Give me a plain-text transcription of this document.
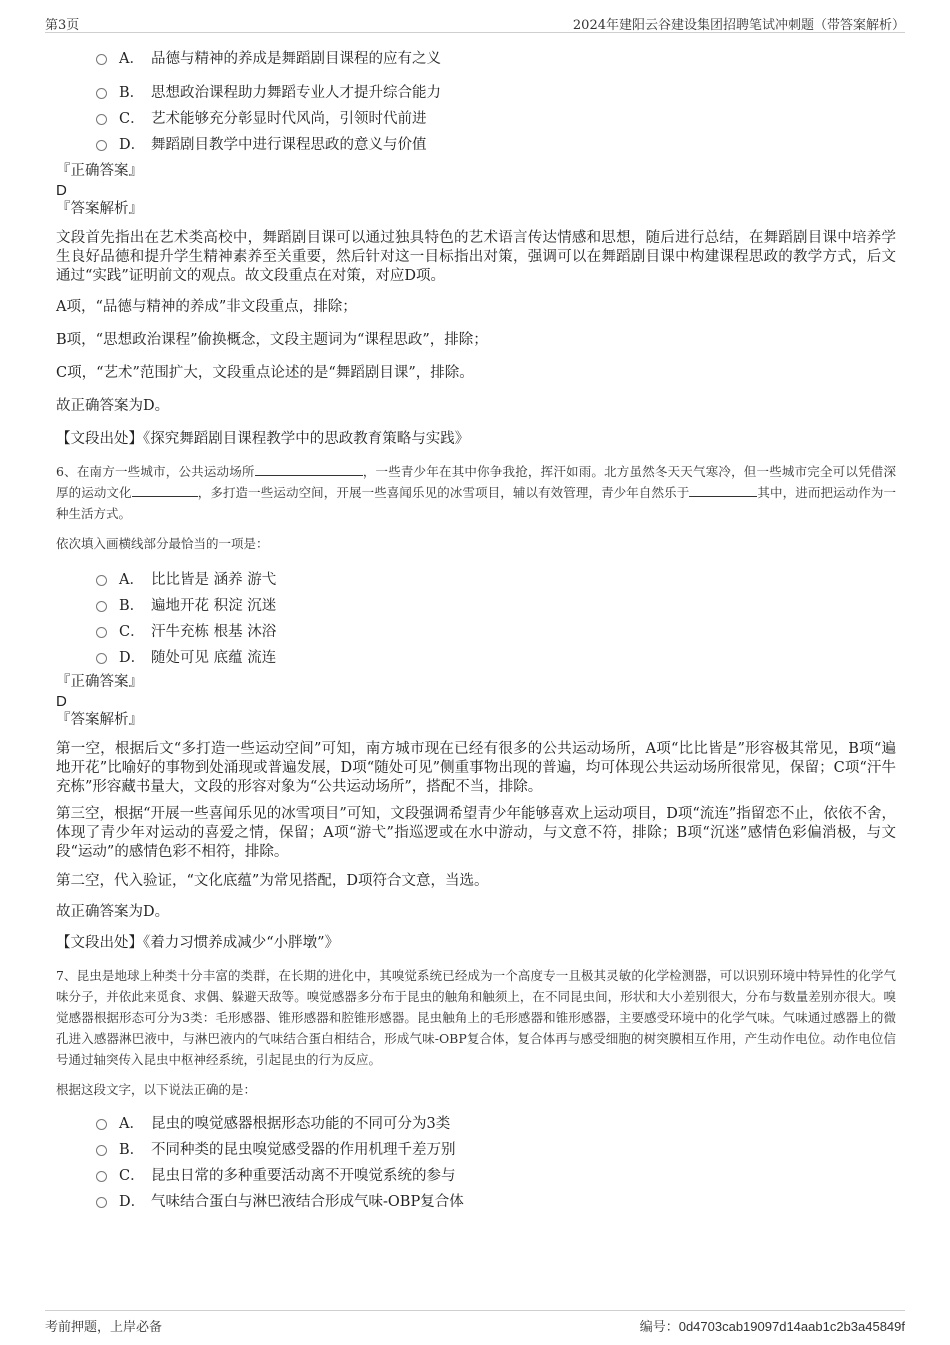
第3页	2024年建阳云谷建设集团招聘笔试冲刺题（带答案解析）
A． 品德与精神的养成是舞蹈剧目课程的应有之义
B． 思想政治课程助力舞蹈专业人才提升综合能力
C． 艺术能够充分彰显时代风尚，引领时代前进
D． 舞蹈剧目教学中进行课程思政的意义与价值
『正确答案』
D
『答案解析』

文段首先指出在艺术类高校中，舞蹈剧目课可以通过独具特色的艺术语言传达情感和思想，随后进行总结，在舞蹈剧目课中培养学生良好品德和提升学生精神素养至关重要，然后针对这一目标指出对策，强调可以在舞蹈剧目课中构建课程思政的教学方式，后文通过“实践”证明前文的观点。故文段重点在对策，对应D项。

A项，“品德与精神的养成”非文段重点，排除；

B项，“思想政治课程”偷换概念，文段主题词为“课程思政”，排除；

C项，“艺术”范围扩大，文段重点论述的是“舞蹈剧目课”，排除。

故正确答案为D。

【文段出处】《探究舞蹈剧目课程教学中的思政教育策略与实践》

6、在南方一些城市，公共运动场所	，一些青少年在其中你争我抢，挥汗如雨。北方虽然冬天天气寒冷，但一些城市完全可以凭借深厚的运动文化	，多打造一些运动空间，开展一些喜闻乐见的冰雪项目，辅以有效管理，青少年自然乐于	其中，进而把运动作为一种生活方式。

依次填入画横线部分最恰当的一项是：

A． 比比皆是 涵养 游弋
B． 遍地开花 积淀 沉迷
C． 汗牛充栋 根基 沐浴
D． 随处可见 底蕴 流连
『正确答案』
D
『答案解析』

第一空，根据后文“多打造一些运动空间”可知，南方城市现在已经有很多的公共运动场所，A项“比比皆是”形容极其常见，B项“遍地开花”比喻好的事物到处涌现或普遍发展，D项“随处可见”侧重事物出现的普遍，均可体现公共运动场所很常见，保留；C项“汗牛充栋”形容藏书量大，文段的形容对象为“公共运动场所”，搭配不当，排除。

第三空，根据“开展一些喜闻乐见的冰雪项目”可知，文段强调希望青少年能够喜欢上运动项目，D项“流连”指留恋不止，依依不舍，体现了青少年对运动的喜爱之情，保留；A项“游弋”指巡逻或在水中游动，与文意不符，排除；B项“沉迷”感情色彩偏消极，与文段“运动”的感情色彩不相符，排除。

第二空，代入验证，“文化底蕴”为常见搭配，D项符合文意，当选。

故正确答案为D。

【文段出处】《着力习惯养成减少“小胖墩”》

7、昆虫是地球上种类十分丰富的类群，在长期的进化中，其嗅觉系统已经成为一个高度专一且极其灵敏的化学检测器，可以识别环境中特异性的化学气味分子，并依此来觅食、求偶、躲避天敌等。嗅觉感器多分布于昆虫的触角和触须上，在不同昆虫间，形状和大小差别很大，分布与数量差别亦很大。嗅觉感器根据形态可分为3类：毛形感器、锥形感器和腔锥形感器。昆虫触角上的毛形感器和锥形感器，主要感受环境中的化学气味。气味通过感器上的微孔进入感器淋巴液中，与淋巴液内的气味结合蛋白相结合，形成气味-OBP复合体，复合体再与感受细胞的树突膜相互作用，产生动作电位。动作电位信号通过轴突传入昆虫中枢神经系统，引起昆虫的行为反应。

根据这段文字，以下说法正确的是：

A． 昆虫的嗅觉感器根据形态功能的不同可分为3类
B． 不同种类的昆虫嗅觉感受器的作用机理千差万别
C． 昆虫日常的多种重要活动离不开嗅觉系统的参与
D． 气味结合蛋白与淋巴液结合形成气味-OBP复合体
考前押题，上岸必备	编号：0d4703cab19097d14aab1c2b3a45849f
